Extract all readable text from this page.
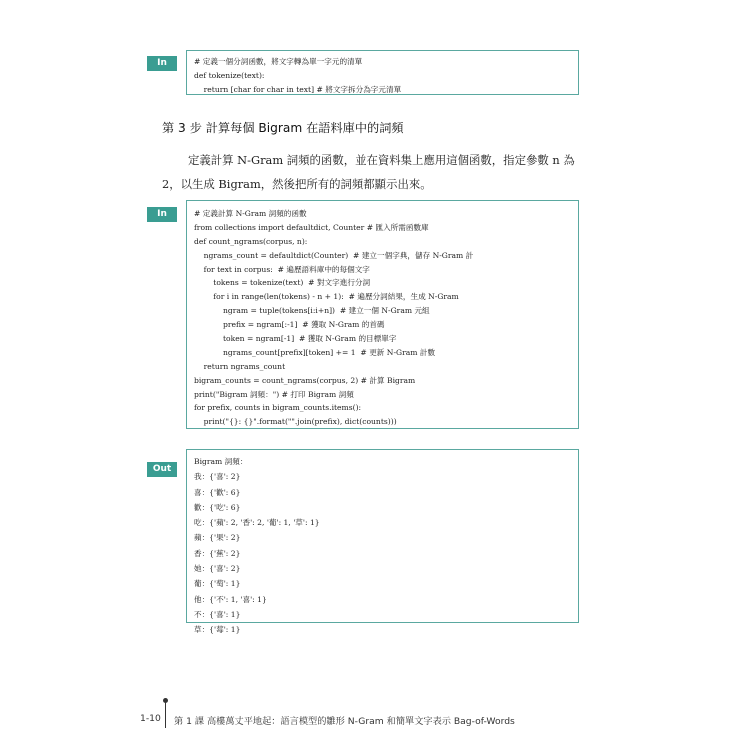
In	# 定義一個分詞函數，將文字轉為單一字元的清單
def tokenize(text):
return [char for char in text] # 將文字拆分為字元清單
第 3 步 計算每個 Bigram 在語料庫中的詞頻
定義計算 N-Gram 詞頻的函數，並在資料集上應用這個函數，指定參數 n 為 2，以生成 Bigram，然後把所有的詞頻都顯示出來。
In	# 定義計算 N-Gram 詞頻的函數
from collections import defaultdict, Counter # 匯入所需函數庫
def count_ngrams(corpus, n):
ngrams_count = defaultdict(Counter)  # 建立一個字典，儲存 N-Gram 計
for text in corpus:  # 遍歷語料庫中的每個文字
tokens = tokenize(text)  # 對文字進行分詞
for i in range(len(tokens) - n + 1):  # 遍歷分詞結果，生成 N-Gram
ngram = tuple(tokens[i:i+n])  # 建立一個 N-Gram 元組
prefix = ngram[:-1]  # 獲取 N-Gram 的首碼
token = ngram[-1]  # 獲取 N-Gram 的目標單字
ngrams_count[prefix][token] += 1  # 更新 N-Gram 計數
return ngrams_count
bigram_counts = count_ngrams(corpus, 2) # 計算 Bigram
print("Bigram 詞頻：") # 打印 Bigram 詞頻
for prefix, counts in bigram_counts.items():
print("{}: {}".format("".join(prefix), dict(counts)))
Out
Bigram 詞頻：
我：{'喜': 2}
喜：{'歡': 6}
歡：{'吃': 6}
吃：{'蘋': 2, '香': 2, '葡': 1, '草': 1}
蘋：{'果': 2}
香：{'蕉': 2}
她：{'喜': 2}
葡：{'萄': 1}
他：{'不': 1, '喜': 1}
不：{'喜': 1}
草：{'莓': 1}
1-10 第 1 課 高樓萬丈平地起：語言模型的雛形 N-Gram 和簡單文字表示 Bag-of-Words
